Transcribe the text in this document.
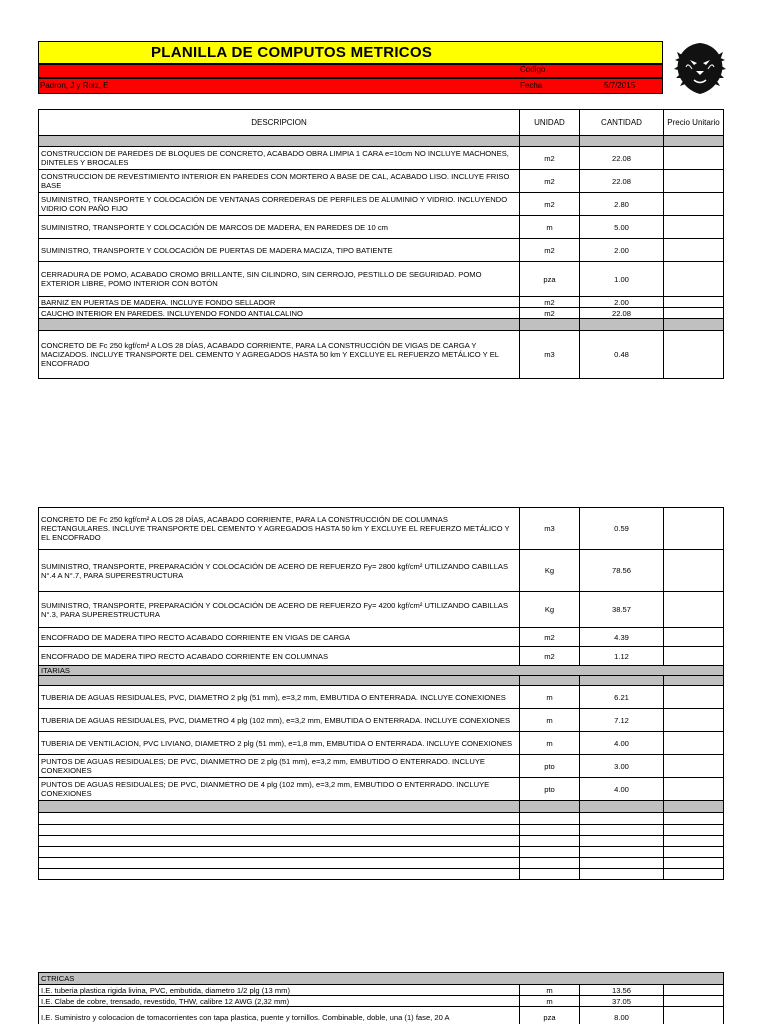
PLANILLA DE COMPUTOS METRICOS
Codigo
Padron, J y Ruiz, E	Fecha	5/7/2015
DESCRIPCION	UNIDAD	CANTIDAD	Precio Unitario

CONSTRUCCION DE PAREDES DE BLOQUES DE CONCRETO, ACABADO OBRA LIMPIA 1 CARA e=10cm NO INCLUYE MACHONES, DINTELES Y BROCALES	m2	22.08	
CONSTRUCCION DE REVESTIMIENTO INTERIOR EN PAREDES CON MORTERO A BASE DE CAL, ACABADO LISO. INCLUYE FRISO BASE	m2	22.08	
SUMINISTRO, TRANSPORTE Y COLOCACIÓN DE VENTANAS CORREDERAS DE PERFILES DE ALUMINIO Y VIDRIO. INCLUYENDO VIDRIO CON PAÑO FIJO	m2	2.80	
SUMINISTRO, TRANSPORTE Y COLOCACIÓN DE MARCOS DE MADERA, EN PAREDES DE 10 cm	m	5.00	
SUMINISTRO, TRANSPORTE Y COLOCACIÓN DE PUERTAS DE MADERA MACIZA, TIPO BATIENTE	m2	2.00	
CERRADURA DE POMO, ACABADO CROMO BRILLANTE, SIN CILINDRO, SIN CERROJO, PESTILLO DE SEGURIDAD. POMO EXTERIOR LIBRE, POMO INTERIOR CON BOTÓN	pza	1.00	
BARNIZ EN PUERTAS DE MADERA. INCLUYE FONDO SELLADOR	m2	2.00	
CAUCHO INTERIOR EN PAREDES. INCLUYENDO FONDO ANTIALCALINO	m2	22.08	

CONCRETO DE Fc 250 kgf/cm² A LOS 28 DÍAS, ACABADO CORRIENTE, PARA LA CONSTRUCCIÓN DE VIGAS DE CARGA Y MACIZADOS. INCLUYE TRANSPORTE DEL CEMENTO Y AGREGADOS HASTA 50 km Y EXCLUYE EL REFUERZO METÁLICO Y EL ENCOFRADO	m3	0.48	
CONCRETO DE Fc 250 kgf/cm² A LOS 28 DÍAS, ACABADO CORRIENTE, PARA LA CONSTRUCCIÓN DE COLUMNAS RECTANGULARES. INCLUYE TRANSPORTE DEL CEMENTO Y AGREGADOS HASTA 50 km Y EXCLUYE EL REFUERZO METÁLICO Y EL ENCOFRADO	m3	0.59	
SUMINISTRO, TRANSPORTE, PREPARACIÓN Y COLOCACIÓN DE ACERO DE REFUERZO Fy= 2800 kgf/cm² UTILIZANDO CABILLAS N°.4 A N°.7, PARA SUPERESTRUCTURA	Kg	78.56	
SUMINISTRO, TRANSPORTE, PREPARACIÓN Y COLOCACIÓN DE ACERO DE REFUERZO Fy= 4200 kgf/cm² UTILIZANDO CABILLAS N°.3, PARA SUPERESTRUCTURA	Kg	38.57	
ENCOFRADO DE MADERA TIPO RECTO ACABADO CORRIENTE EN VIGAS DE CARGA	m2	4.39	
ENCOFRADO DE MADERA TIPO RECTO ACABADO CORRIENTE EN COLUMNAS	m2	1.12	
ITARIAS			

TUBERIA DE AGUAS RESIDUALES, PVC, DIAMETRO 2 plg (51 mm), e=3,2 mm, EMBUTIDA O ENTERRADA. INCLUYE CONEXIONES	m	6.21	
TUBERIA DE AGUAS RESIDUALES, PVC, DIAMETRO 4 plg (102 mm), e=3,2 mm, EMBUTIDA O ENTERRADA. INCLUYE CONEXIONES	m	7.12	
TUBERIA DE VENTILACION, PVC LIVIANO, DIAMETRO 2 plg (51 mm), e=1,8 mm, EMBUTIDA O ENTERRADA. INCLUYE CONEXIONES	m	4.00	
PUNTOS DE AGUAS RESIDUALES; DE PVC, DIANMETRO DE 2 plg (51 mm), e=3,2 mm, EMBUTIDO O ENTERRADO. INCLUYE CONEXIONES	pto	3.00	
PUNTOS DE AGUAS RESIDUALES; DE PVC, DIANMETRO DE 4 plg (102 mm), e=3,2 mm, EMBUTIDO O ENTERRADO. INCLUYE CONEXIONES	pto	4.00	

CTRICAS			
I.E. tuberia plastica rigida livina, PVC, embutida, diametro 1/2 plg (13 mm)	m	13.56	
I.E. Clabe de cobre, trensado, revestido, THW, calibre 12 AWG (2,32 mm)	m	37.05	
I.E. Suministro y colocacion de tomacorrientes con tapa plastica, puente y tornillos. Combinable, doble, una (1) fase, 20 A	pza	8.00	
